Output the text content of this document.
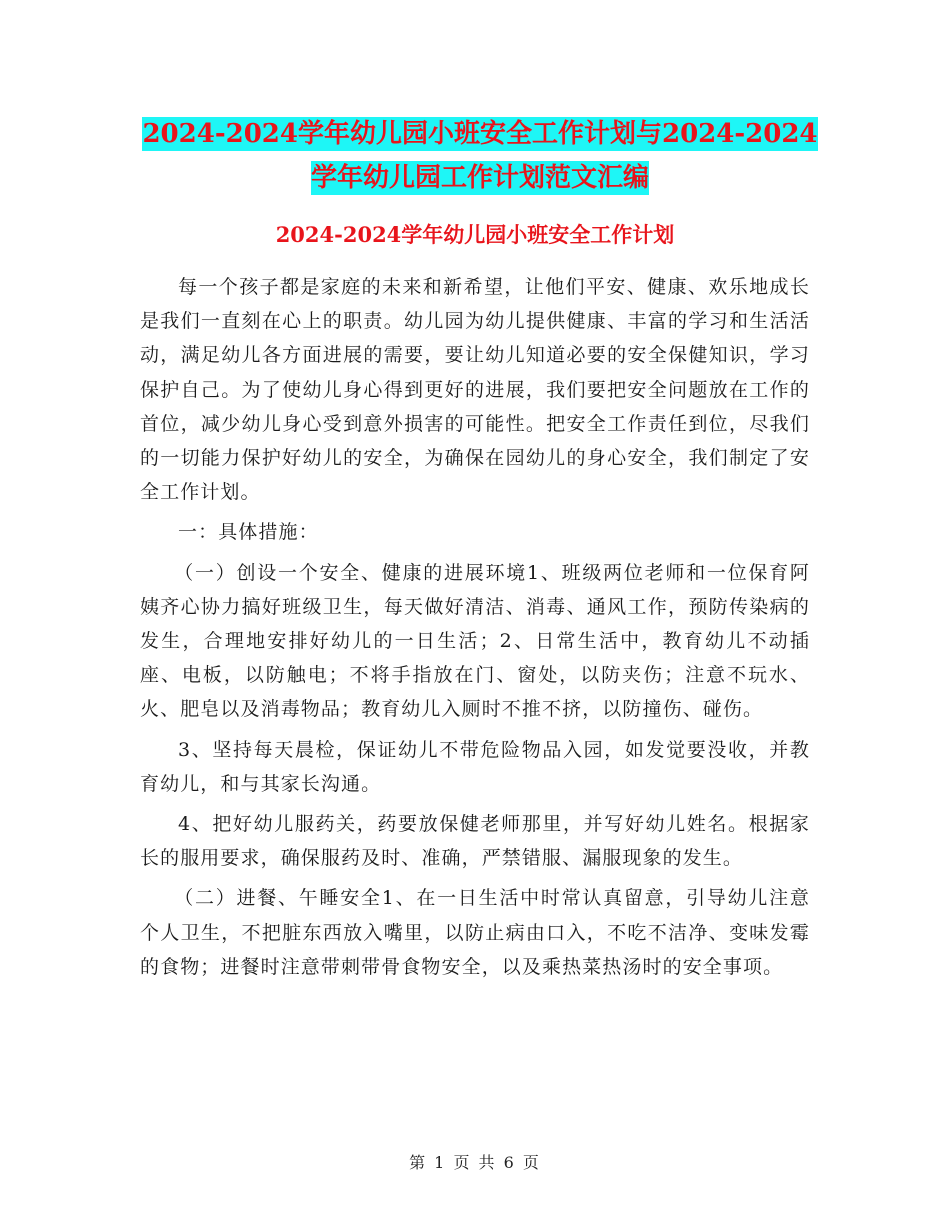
2024-2024学年幼儿园小班安全工作计划与2024-2024
学年幼儿园工作计划范文汇编
2024-2024学年幼儿园小班安全工作计划

每一个孩子都是家庭的未来和新希望，让他们平安、健康、欢乐地成长是我们一直刻在心上的职责。幼儿园为幼儿提供健康、丰富的学习和生活活动，满足幼儿各方面进展的需要，要让幼儿知道必要的安全保健知识，学习保护自己。为了使幼儿身心得到更好的进展，我们要把安全问题放在工作的首位，减少幼儿身心受到意外损害的可能性。把安全工作责任到位，尽我们的一切能力保护好幼儿的安全，为确保在园幼儿的身心安全，我们制定了安全工作计划。

一：具体措施：

（一）创设一个安全、健康的进展环境1、班级两位老师和一位保育阿姨齐心协力搞好班级卫生，每天做好清洁、消毒、通风工作，预防传染病的发生，合理地安排好幼儿的一日生活；2、日常生活中，教育幼儿不动插座、电板，以防触电；不将手指放在门、窗处，以防夹伤；注意不玩水、火、肥皂以及消毒物品；教育幼儿入厕时不推不挤，以防撞伤、碰伤。

3、坚持每天晨检，保证幼儿不带危险物品入园，如发觉要没收，并教育幼儿，和与其家长沟通。

4、把好幼儿服药关，药要放保健老师那里，并写好幼儿姓名。根据家长的服用要求，确保服药及时、准确，严禁错服、漏服现象的发生。

（二）进餐、午睡安全1、在一日生活中时常认真留意，引导幼儿注意个人卫生，不把脏东西放入嘴里，以防止病由口入，不吃不洁净、变味发霉的食物；进餐时注意带刺带骨食物安全，以及乘热菜热汤时的安全事项。

第 1 页 共 6 页
